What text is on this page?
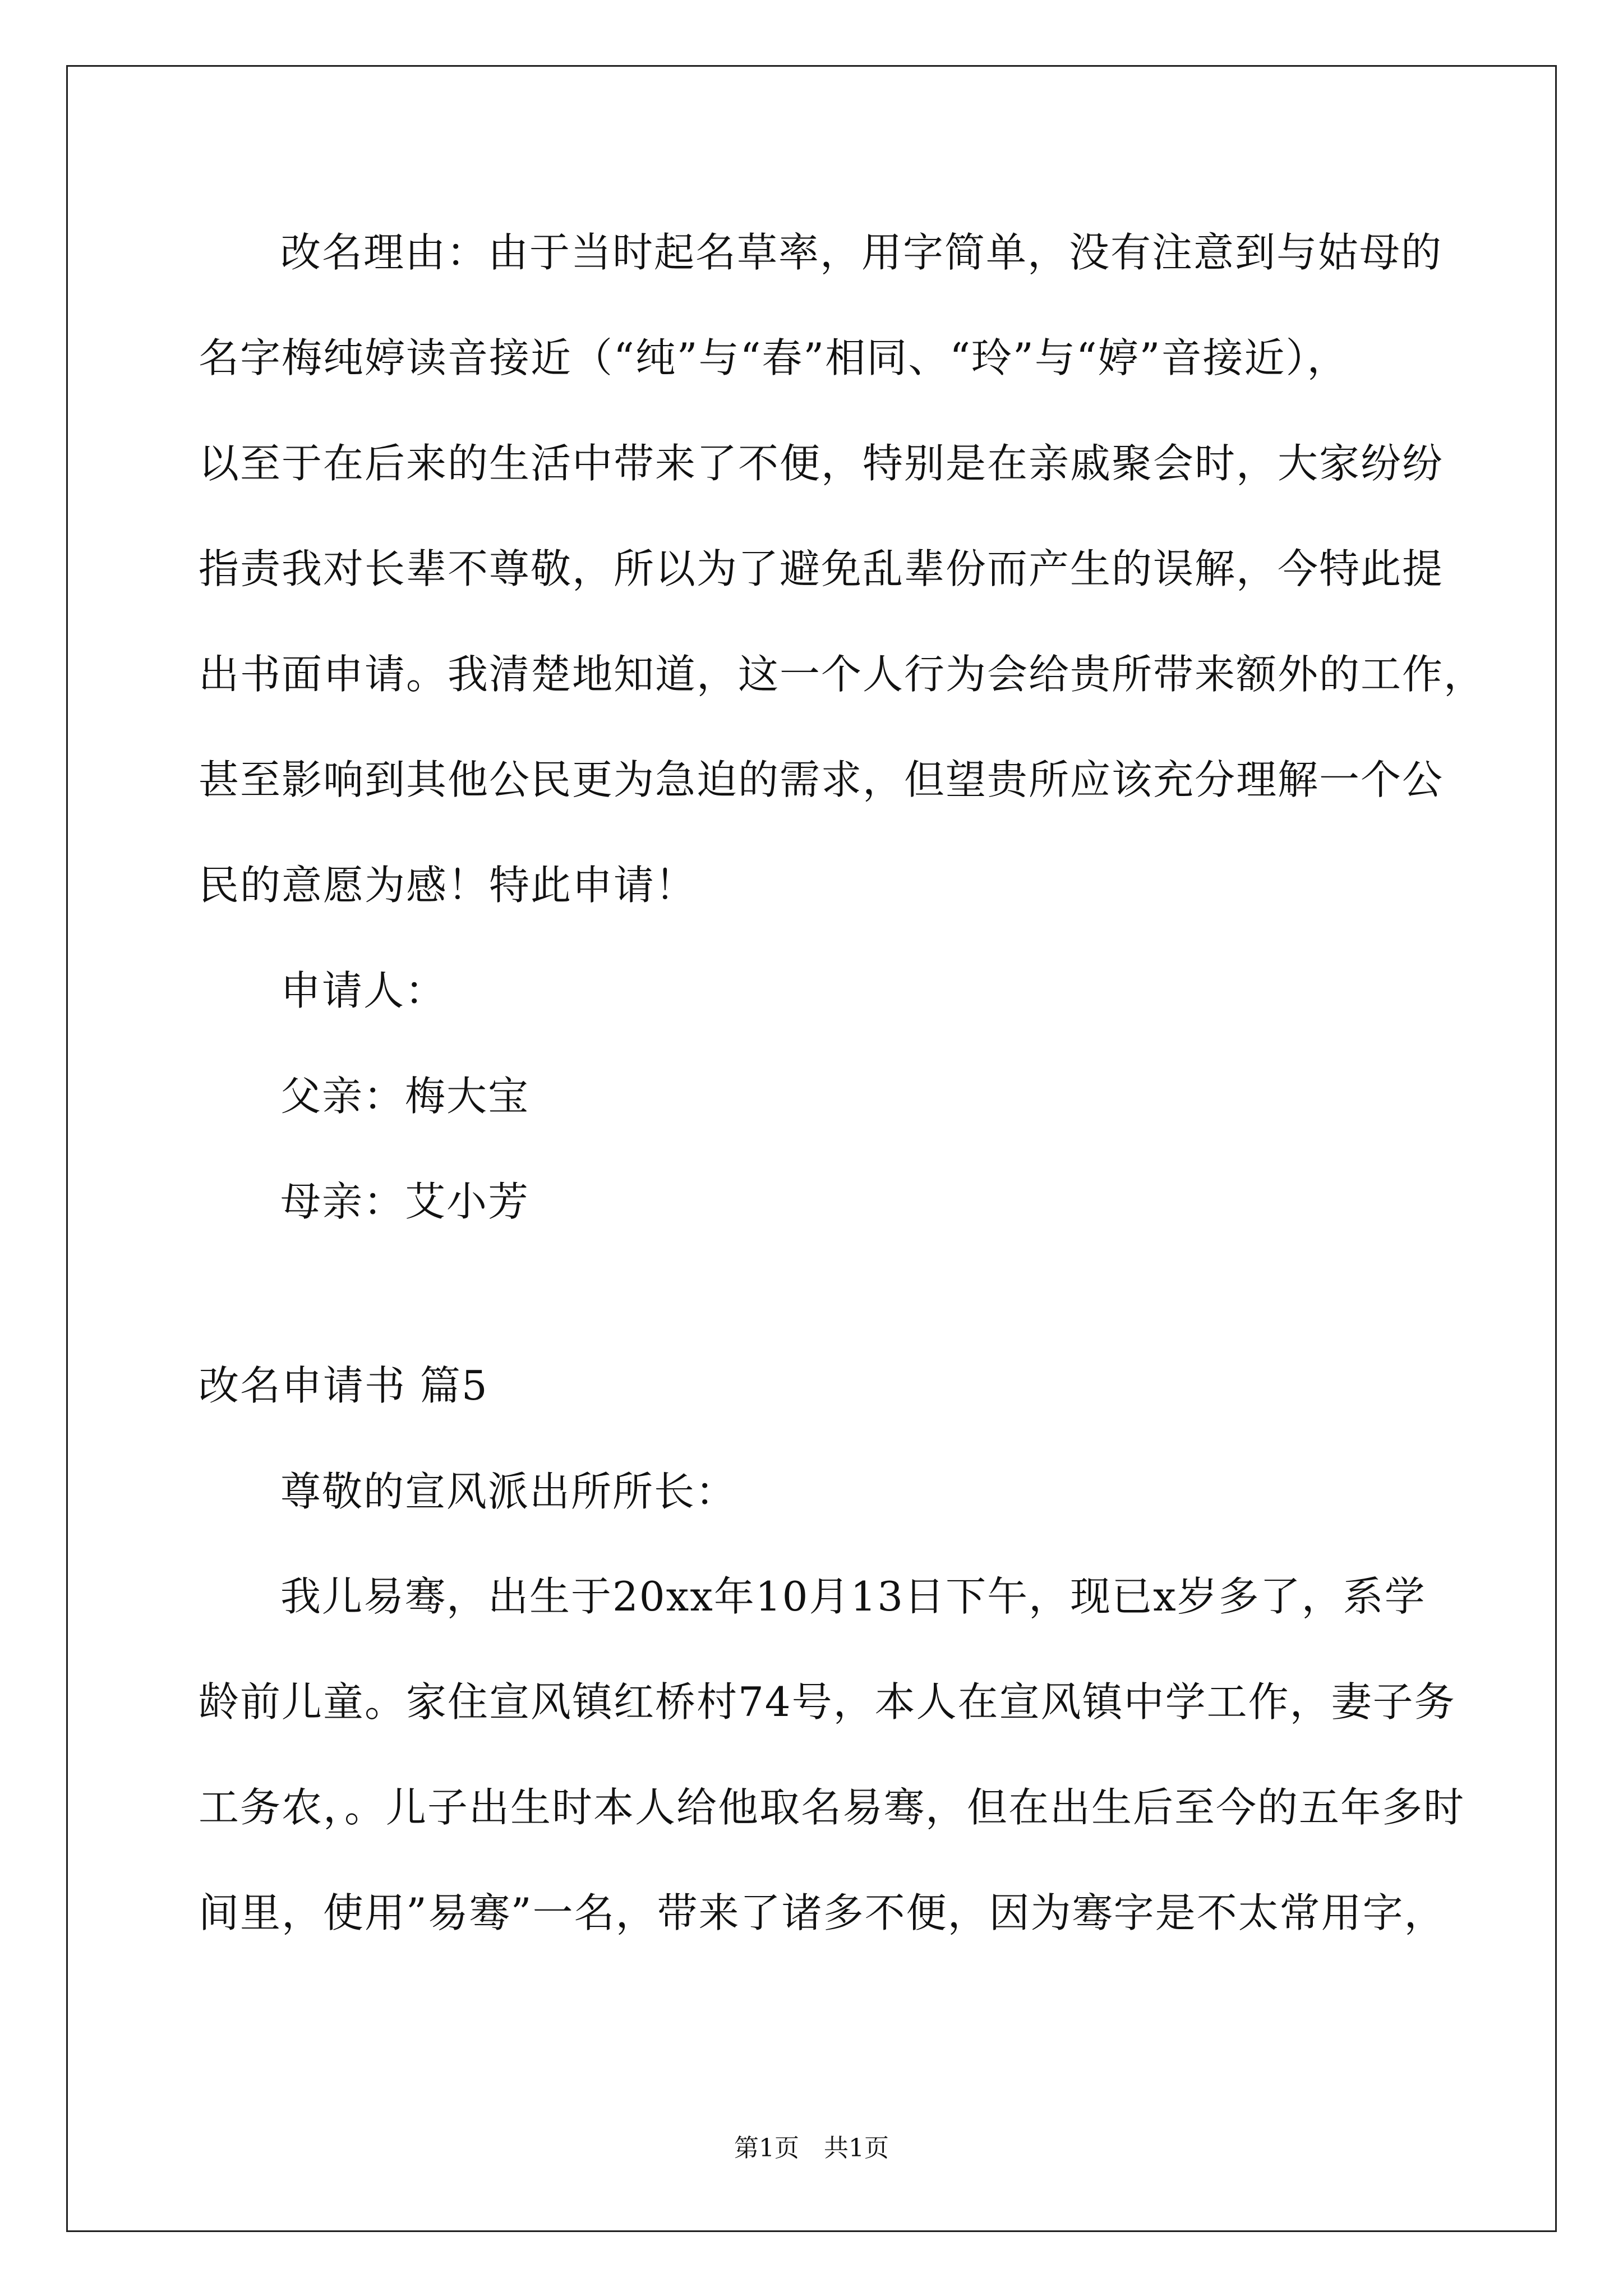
改名理由：由于当时起名草率，用字简单，没有注意到与姑母的
名字梅纯婷读音接近（“纯”与“春”相同、“玲”与“婷”音接近），
以至于在后来的生活中带来了不便，特别是在亲戚聚会时，大家纷纷
指责我对长辈不尊敬，所以为了避免乱辈份而产生的误解，今特此提
出书面申请。我清楚地知道，这一个人行为会给贵所带来额外的工作，
甚至影响到其他公民更为急迫的需求，但望贵所应该充分理解一个公
民的意愿为感！特此申请！
申请人：
父亲：梅大宝
母亲：艾小芳
改名申请书 篇5
尊敬的宣风派出所所长：
我儿易骞，出生于20xx年10月13日下午，现已x岁多了，系学
龄前儿童。家住宣风镇红桥村74号，本人在宣风镇中学工作，妻子务
工务农，。儿子出生时本人给他取名易骞，但在出生后至今的五年多时
间里，使用”易骞”一名，带来了诸多不便，因为骞字是不太常用字，
第1页　共1页
